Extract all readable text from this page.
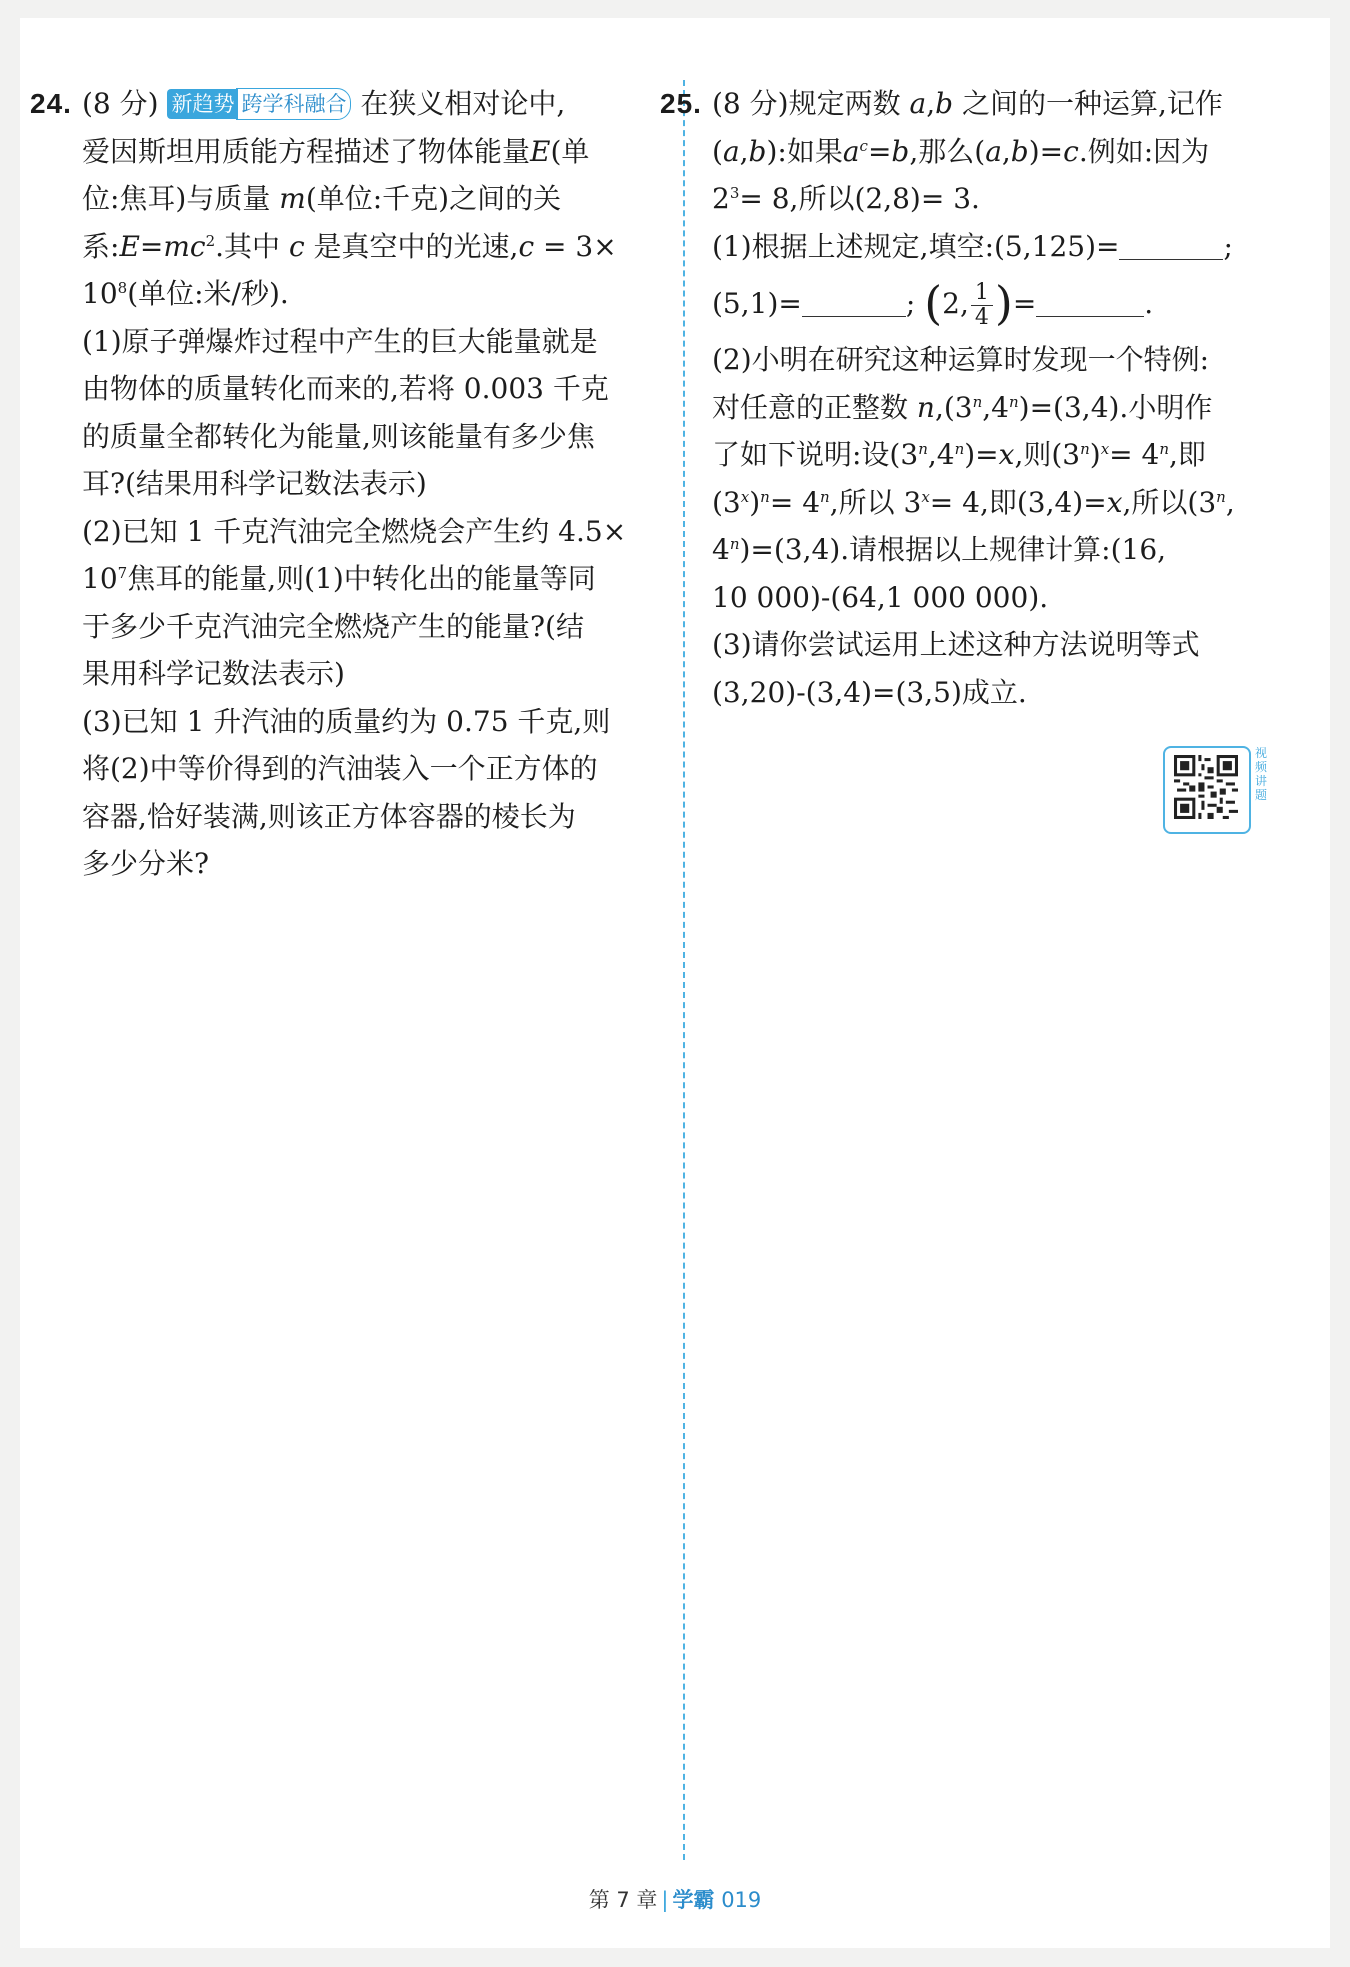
24. (8 分) 新趋势 跨学科融合 在狭义相对论中,
爱因斯坦用质能方程描述了物体能量E(单
位:焦耳)与质量 m(单位:千克)之间的关
系$:E=mc^2$.其中 c 是真空中的光速,c = 3×
$10^8$(单位:米/秒).
(1)原子弹爆炸过程中产生的巨大能量就是
由物体的质量转化而来的,若将 0.003 千克
的质量全都转化为能量,则该能量有多少焦
耳?(结果用科学记数法表示)
(2)已知 1 千克汽油完全燃烧会产生约 4.5×
$10^7$焦耳的能量,则(1)中转化出的能量等同
于多少千克汽油完全燃烧产生的能量?(结
果用科学记数法表示)
(3)已知 1 升汽油的质量约为 0.75 千克,则
将(2)中等价得到的汽油装入一个正方体的
容器,恰好装满,则该正方体容器的棱长为
多少分米?
25. (8 分)规定两数 a,b 之间的一种运算,记作
(a,b):如果$a^c=b$,那么(a,b)=c.例如:因为
$2^3= 8$,所以(2,8)= 3.
(1)根据上述规定,填空:(5,125)=	;
(5,1)=	; (2, $\frac{1}{4}$ )=	.
(2)小明在研究这种运算时发现一个特例:
对任意的正整数 $n,(3^n,4^n)=(3,4)$.小明作
了如下说明:设$(3^n,4^n)=x$,则$(3^n)^x= 4^n$,即
$(3^x)^n= 4^n$,所以 $3^x= 4$,即(3,4)=x,所以(3$^n$,
$4^n)=(3,4)$.请根据以上规律计算:(16,
10 000)-(64,1 000 000).
(3)请你尝试运用上述这种方法说明等式
(3,20)-(3,4)=(3,5)成立.
视频讲题
第 7 章 | 学霸 019
